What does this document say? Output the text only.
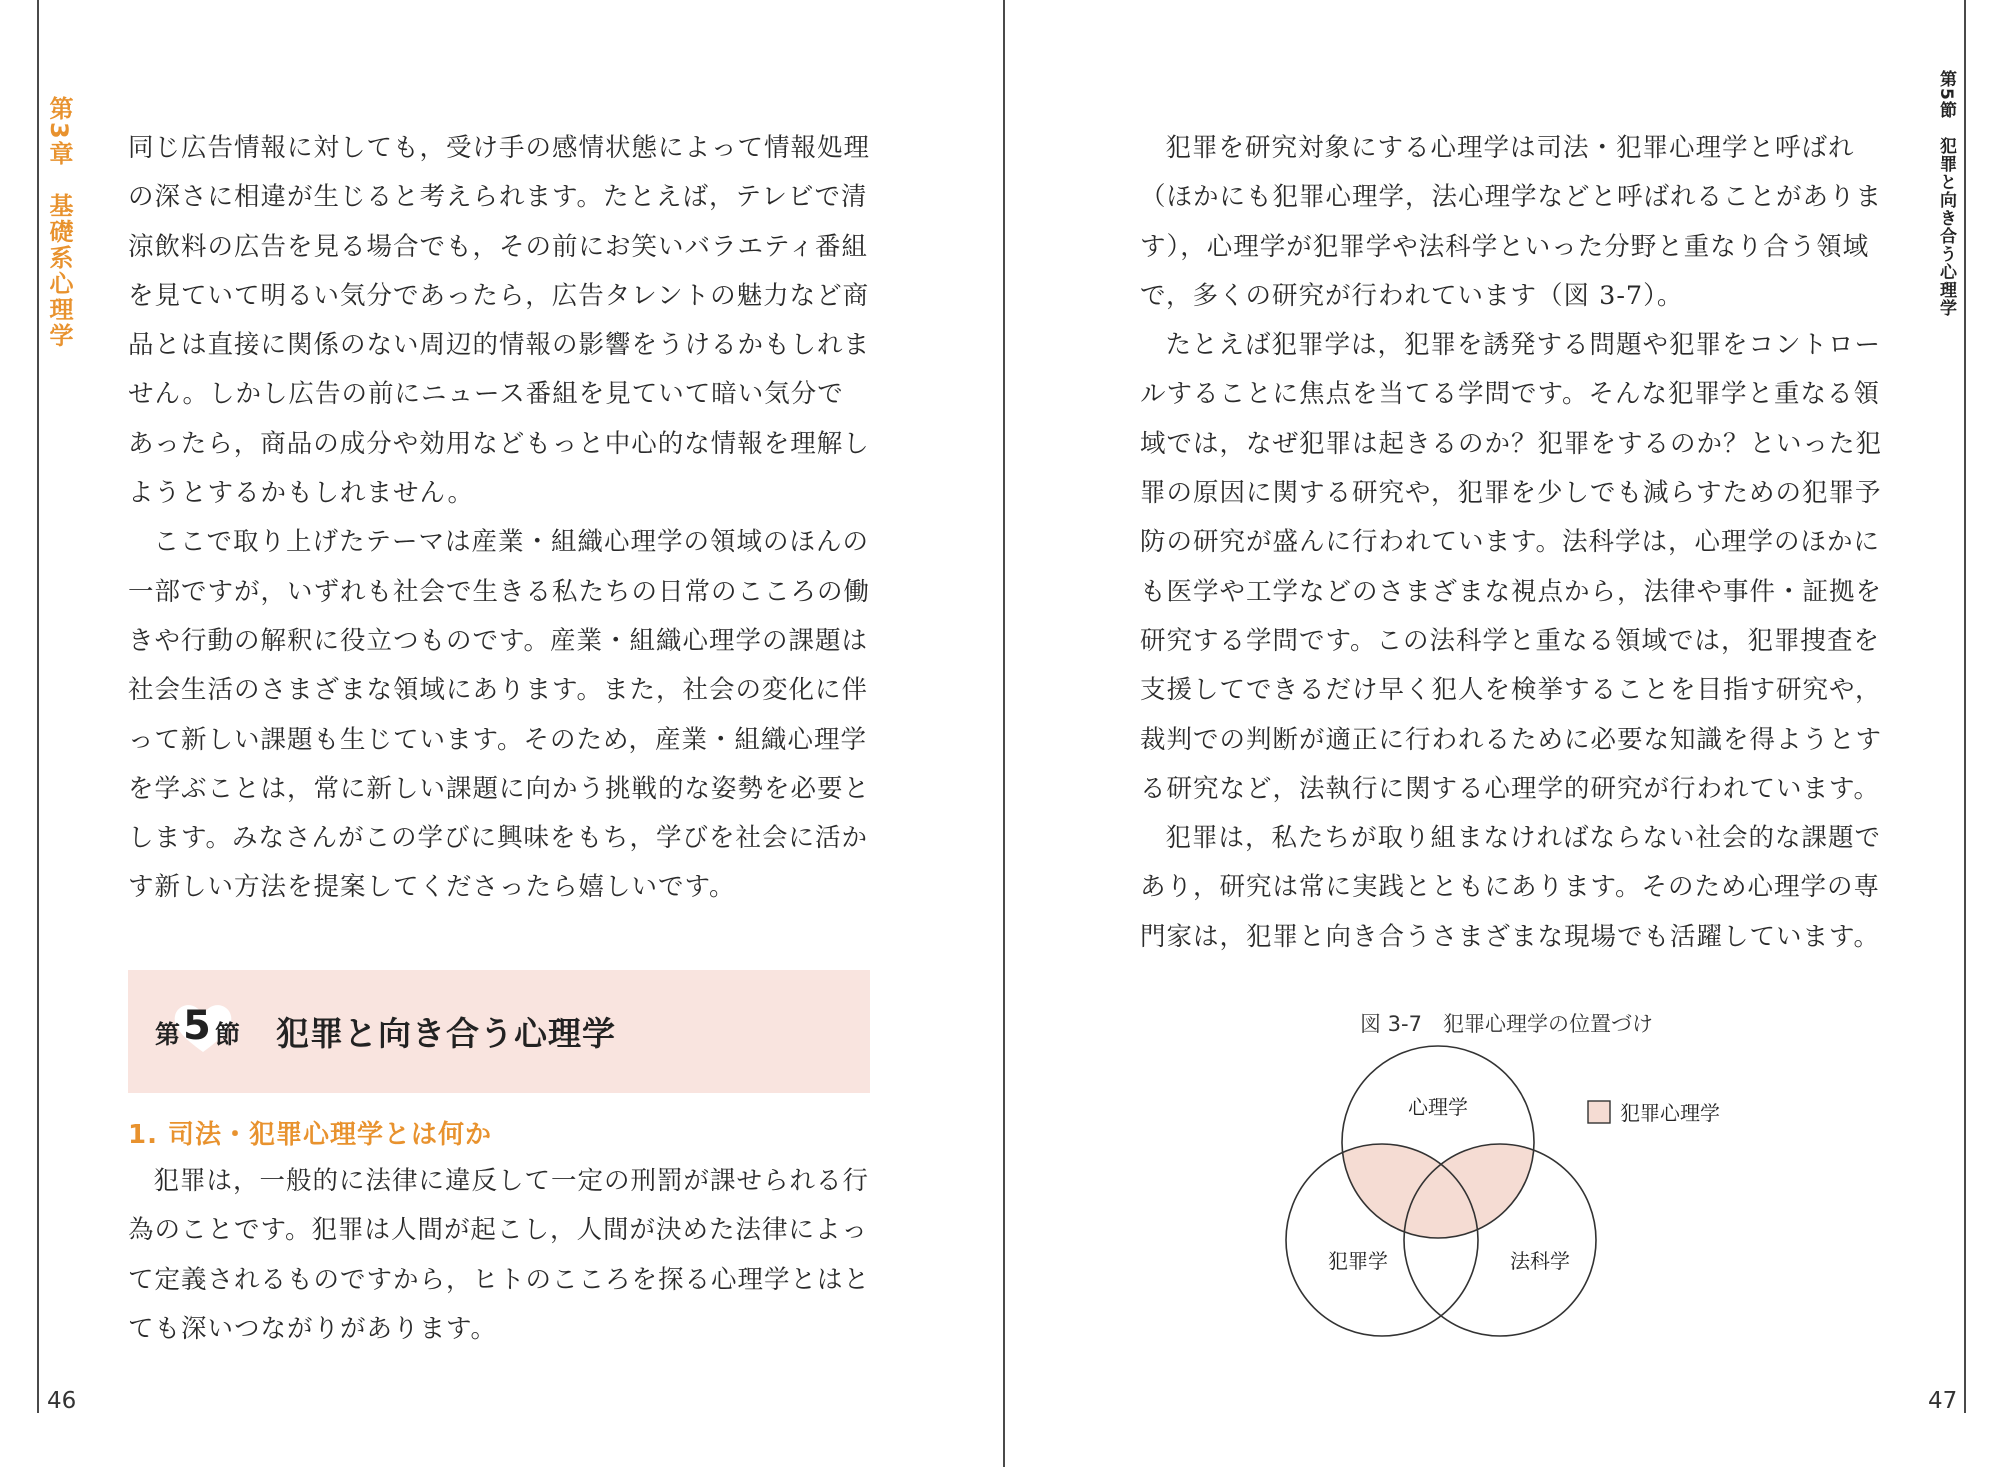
第3章　基礎系心理学 同じ広告情報に対しても，受け手の感情状態によって情報処理の深さに相違が生じると考えられます。たとえば，テレビで清涼飲料の広告を見る場合でも，その前にお笑いバラエティ番組を見ていて明るい気分であったら，広告タレントの魅力など商品とは直接に関係のない周辺的情報の影響をうけるかもしれません。しかし広告の前にニュース番組を見ていて暗い気分であったら，商品の成分や効用などもっと中心的な情報を理解しようとするかもしれません。

ここで取り上げたテーマは産業・組織心理学の領域のほんの一部ですが，いずれも社会で生きる私たちの日常のこころの働きや行動の解釈に役立つものです。産業・組織心理学の課題は社会生活のさまざまな領域にあります。また，社会の変化に伴って新しい課題も生じています。そのため，産業・組織心理学を学ぶことは，常に新しい課題に向かう挑戦的な姿勢を必要とします。みなさんがこの学びに興味をもち，学びを社会に活かす新しい方法を提案してくださったら嬉しいです。

第 5 節 犯罪と向き合う心理学
1. 司法・犯罪心理学とは何か

犯罪は，一般的に法律に違反して一定の刑罰が課せられる行為のことです。犯罪は人間が起こし，人間が決めた法律によって定義されるものですから，ヒトのこころを探る心理学とはとても深いつながりがあります。

46
第5節　犯罪と向き合う心理学

犯罪を研究対象にする心理学は司法・犯罪心理学と呼ばれ（ほかにも犯罪心理学，法心理学などと呼ばれることがあります），心理学が犯罪学や法科学といった分野と重なり合う領域で，多くの研究が行われています（図 3-7）。

たとえば犯罪学は，犯罪を誘発する問題や犯罪をコントロールすることに焦点を当てる学問です。そんな犯罪学と重なる領域では，なぜ犯罪は起きるのか？犯罪をするのか？といった犯罪の原因に関する研究や，犯罪を少しでも減らすための犯罪予防の研究が盛んに行われています。法科学は，心理学のほかにも医学や工学などのさまざまな視点から，法律や事件・証拠を研究する学問です。この法科学と重なる領域では，犯罪捜査を支援してできるだけ早く犯人を検挙することを目指す研究や，裁判での判断が適正に行われるために必要な知識を得ようとする研究など，法執行に関する心理学的研究が行われています。

犯罪は，私たちが取り組まなければならない社会的な課題であり，研究は常に実践とともにあります。そのため心理学の専門家は，犯罪と向き合うさまざまな現場でも活躍しています。

図 3-7　犯罪心理学の位置づけ
心理学
犯罪学	法科学
犯罪心理学
47
